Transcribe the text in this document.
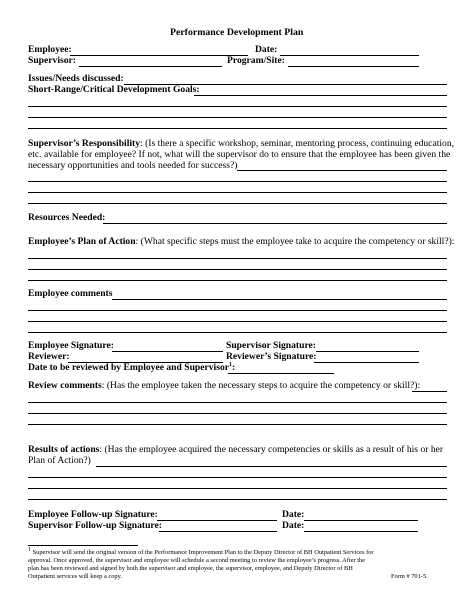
Performance Development Plan
Employee:	Date:
Supervisor:	Program/Site:
Issues/Needs discussed:
Short-Range/Critical Development Goals:
Supervisor’s Responsibility: (Is there a specific workshop, seminar, mentoring process, continuing education,
etc. available for employee? If not, what will the supervisor do to ensure that the employee has been given the
necessary opportunities and tools needed for success?)
Resources Needed:
Employee’s Plan of Action: (What specific steps must the employee take to acquire the competency or skill?):
Employee comments
Employee Signature:	Supervisor Signature:
Reviewer:	Reviewer’s Signature:
Date to be reviewed by Employee and Supervisor$^1$:
Review comments: (Has the employee taken the necessary steps to acquire the competency or skill?):
Results of actions: (Has the employee acquired the necessary competencies or skills as a result of his or her
Plan of Action?)
Employee Follow-up Signature:	Date:
Supervisor Follow-up Signature:	Date:
$^1$ Supervisor will send the original version of the Performance Improvement Plan to the Deputy Director of BH Outpatient Services for
approval. Once approved, the supervisor and employee will schedule a second meeting to review the employee’s progress. After the
plan has been reviewed and signed by both the supervisor and employee, the supervisor, employee, and Deputy Director of BH
Outpatient services will keep a copy.	Form # 701-5.
